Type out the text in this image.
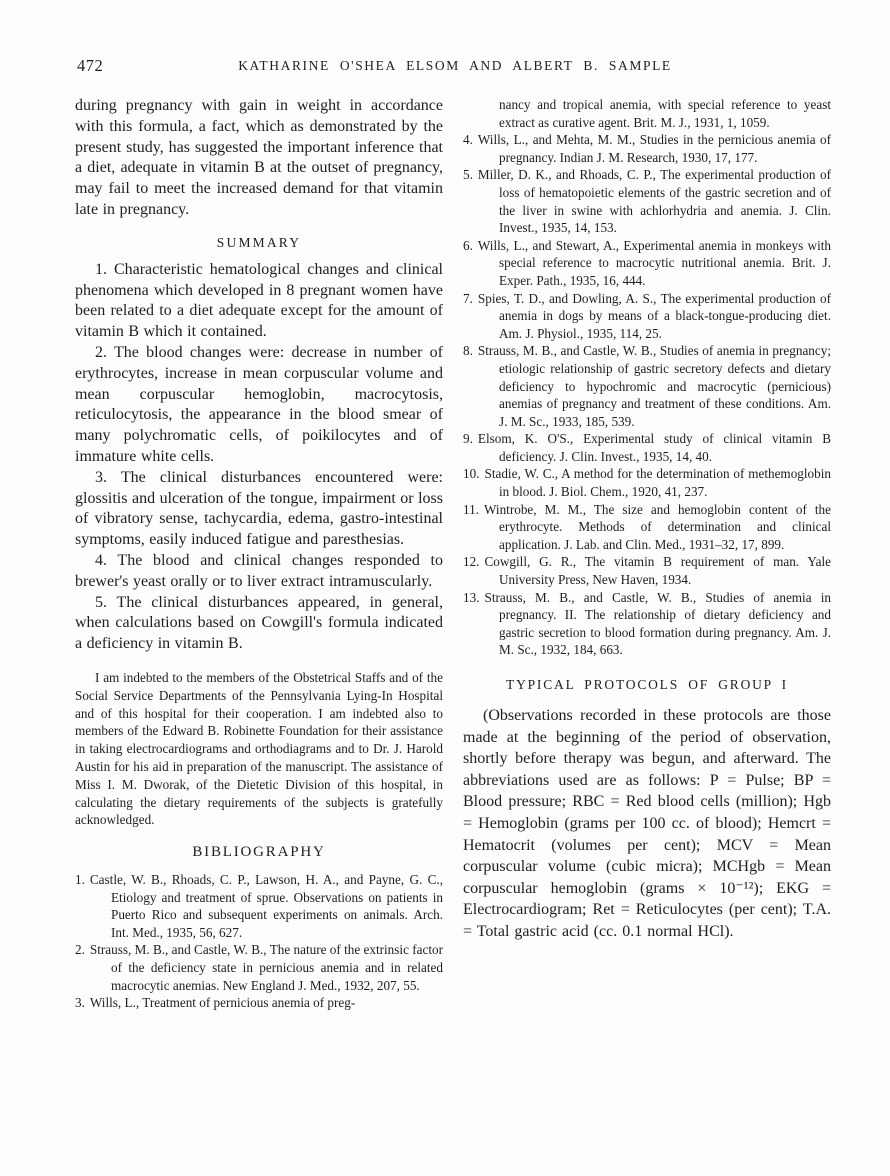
472	KATHARINE O'SHEA ELSOM AND ALBERT B. SAMPLE

during pregnancy with gain in weight in accordance with this formula, a fact, which as demonstrated by the present study, has suggested the important inference that a diet, adequate in vitamin B at the outset of pregnancy, may fail to meet the increased demand for that vitamin late in pregnancy.

SUMMARY

1. Characteristic hematological changes and clinical phenomena which developed in 8 pregnant women have been related to a diet adequate except for the amount of vitamin B which it contained.

2. The blood changes were: decrease in number of erythrocytes, increase in mean corpuscular volume and mean corpuscular hemoglobin, macrocytosis, reticulocytosis, the appearance in the blood smear of many polychromatic cells, of poikilocytes and of immature white cells.

3. The clinical disturbances encountered were: glossitis and ulceration of the tongue, impairment or loss of vibratory sense, tachycardia, edema, gastro-intestinal symptoms, easily induced fatigue and paresthesias.

4. The blood and clinical changes responded to brewer's yeast orally or to liver extract intramuscularly.

5. The clinical disturbances appeared, in general, when calculations based on Cowgill's formula indicated a deficiency in vitamin B.

I am indebted to the members of the Obstetrical Staffs and of the Social Service Departments of the Pennsylvania Lying-In Hospital and of this hospital for their cooperation. I am indebted also to members of the Edward B. Robinette Foundation for their assistance in taking electrocardiograms and orthodiagrams and to Dr. J. Harold Austin for his aid in preparation of the manuscript. The assistance of Miss I. M. Dworak, of the Dietetic Division of this hospital, in calculating the dietary requirements of the subjects is gratefully acknowledged.

BIBLIOGRAPHY

1. Castle, W. B., Rhoads, C. P., Lawson, H. A., and Payne, G. C., Etiology and treatment of sprue. Observations on patients in Puerto Rico and subsequent experiments on animals. Arch. Int. Med., 1935, 56, 627.

2. Strauss, M. B., and Castle, W. B., The nature of the extrinsic factor of the deficiency state in pernicious anemia and in related macrocytic anemias. New England J. Med., 1932, 207, 55.

3. Wills, L., Treatment of pernicious anemia of preg-

nancy and tropical anemia, with special reference to yeast extract as curative agent. Brit. M. J., 1931, 1, 1059.

4. Wills, L., and Mehta, M. M., Studies in the pernicious anemia of pregnancy. Indian J. M. Research, 1930, 17, 177.

5. Miller, D. K., and Rhoads, C. P., The experimental production of loss of hematopoietic elements of the gastric secretion and of the liver in swine with achlorhydria and anemia. J. Clin. Invest., 1935, 14, 153.

6. Wills, L., and Stewart, A., Experimental anemia in monkeys with special reference to macrocytic nutritional anemia. Brit. J. Exper. Path., 1935, 16, 444.

7. Spies, T. D., and Dowling, A. S., The experimental production of anemia in dogs by means of a black-tongue-producing diet. Am. J. Physiol., 1935, 114, 25.

8. Strauss, M. B., and Castle, W. B., Studies of anemia in pregnancy; etiologic relationship of gastric secretory defects and dietary deficiency to hypochromic and macrocytic (pernicious) anemias of pregnancy and treatment of these conditions. Am. J. M. Sc., 1933, 185, 539.

9. Elsom, K. O'S., Experimental study of clinical vitamin B deficiency. J. Clin. Invest., 1935, 14, 40.

10. Stadie, W. C., A method for the determination of methemoglobin in blood. J. Biol. Chem., 1920, 41, 237.

11. Wintrobe, M. M., The size and hemoglobin content of the erythrocyte. Methods of determination and clinical application. J. Lab. and Clin. Med., 1931–32, 17, 899.

12. Cowgill, G. R., The vitamin B requirement of man. Yale University Press, New Haven, 1934.

13. Strauss, M. B., and Castle, W. B., Studies of anemia in pregnancy. II. The relationship of dietary deficiency and gastric secretion to blood formation during pregnancy. Am. J. M. Sc., 1932, 184, 663.

TYPICAL PROTOCOLS OF GROUP I

(Observations recorded in these protocols are those made at the beginning of the period of observation, shortly before therapy was begun, and afterward. The abbreviations used are as follows: P = Pulse; BP = Blood pressure; RBC = Red blood cells (million); Hgb = Hemoglobin (grams per 100 cc. of blood); Hemcrt = Hematocrit (volumes per cent); MCV = Mean corpuscular volume (cubic micra); MCHgb = Mean corpuscular hemoglobin (grams × 10⁻¹²); EKG = Electrocardiogram; Ret = Reticulocytes (per cent); T.A. = Total gastric acid (cc. 0.1 normal HCl).
